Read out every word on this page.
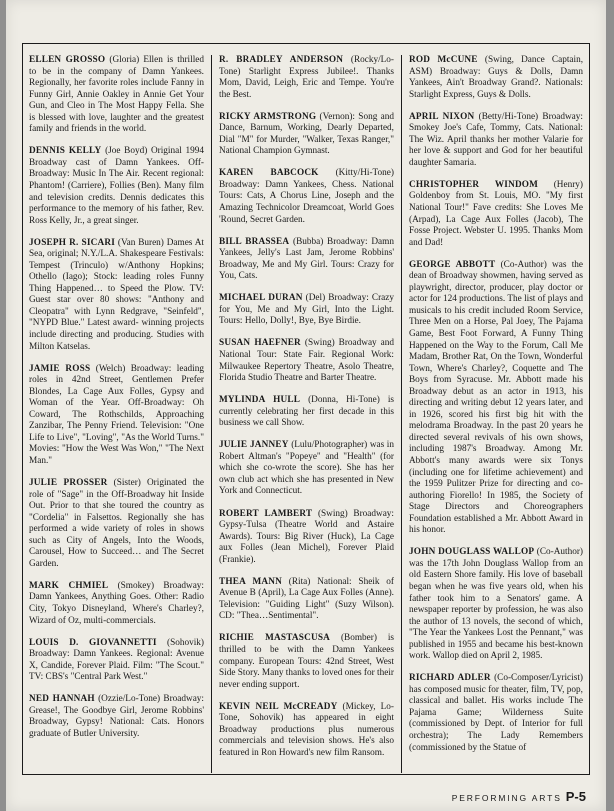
ELLEN GROSSO (Gloria) Ellen is thrilled to be in the company of Damn Yankees. Regionally, her favorite roles include Fanny in Funny Girl, Annie Oakley in Annie Get Your Gun, and Cleo in The Most Happy Fella. She is blessed with love, laughter and the greatest family and friends in the world.

DENNIS KELLY (Joe Boyd) Original 1994 Broadway cast of Damn Yankees. Off-Broadway: Music In The Air. Recent regional: Phantom! (Carriere), Follies (Ben). Many film and television credits. Dennis dedicates this performance to the memory of his father, Rev. Ross Kelly, Jr., a great singer.

JOSEPH R. SICARI (Van Buren) Dames At Sea, original; N.Y./L.A. Shakespeare Festivals: Tempest (Trinculo) w/Anthony Hopkins; Othello (Iago); Stock: leading roles Funny Thing Happened… to Speed the Plow. TV: Guest star over 80 shows: "Anthony and Cleopatra" with Lynn Redgrave, "Seinfeld", "NYPD Blue." Latest award- winning projects include directing and producing. Studies with Milton Katselas.

JAMIE ROSS (Welch) Broadway: leading roles in 42nd Street, Gentlemen Prefer Blondes, La Cage Aux Folles, Gypsy and Woman of the Year. Off-Broadway: Oh Coward, The Rothschilds, Approaching Zanzibar, The Penny Friend. Television: "One Life to Live", "Loving", "As the World Turns." Movies: "How the West Was Won," "The Next Man."

JULIE PROSSER (Sister) Originated the role of "Sage" in the Off-Broadway hit Inside Out. Prior to that she toured the country as "Cordelia" in Falsettos. Regionally she has performed a wide variety of roles in shows such as City of Angels, Into the Woods, Carousel, How to Succeed… and The Secret Garden.

MARK CHMIEL (Smokey) Broadway: Damn Yankees, Anything Goes. Other: Radio City, Tokyo Disneyland, Where's Charley?, Wizard of Oz, multi-commercials.

LOUIS D. GIOVANNETTI (Sohovik) Broadway: Damn Yankees. Regional: Avenue X, Candide, Forever Plaid. Film: "The Scout." TV: CBS's "Central Park West."

NED HANNAH (Ozzie/Lo-Tone) Broadway: Grease!, The Goodbye Girl, Jerome Robbins' Broadway, Gypsy! National: Cats. Honors graduate of Butler University.

R. BRADLEY ANDERSON (Rocky/Lo-Tone) Starlight Express Jubilee!. Thanks Mom, David, Leigh, Eric and Tempe. You're the Best.

RICKY ARMSTRONG (Vernon): Song and Dance, Barnum, Working, Dearly Departed, Dial "M" for Murder, "Walker, Texas Ranger," National Champion Gymnast.

KAREN BABCOCK (Kitty/Hi-Tone) Broadway: Damn Yankees, Chess. National Tours: Cats, A Chorus Line, Joseph and the Amazing Technicolor Dreamcoat, World Goes 'Round, Secret Garden.

BILL BRASSEA (Bubba) Broadway: Damn Yankees, Jelly's Last Jam, Jerome Robbins' Broadway, Me and My Girl. Tours: Crazy for You, Cats.

MICHAEL DURAN (Del) Broadway: Crazy for You, Me and My Girl, Into the Light. Tours: Hello, Dolly!, Bye, Bye Birdie.

SUSAN HAEFNER (Swing) Broadway and National Tour: State Fair. Regional Work: Milwaukee Repertory Theatre, Asolo Theatre, Florida Studio Theatre and Barter Theatre.

MYLINDA HULL (Donna, Hi-Tone) is currently celebrating her first decade in this business we call Show.

JULIE JANNEY (Lulu/Photographer) was in Robert Altman's "Popeye" and "Health" (for which she co-wrote the score). She has her own club act which she has presented in New York and Connecticut.

ROBERT LAMBERT (Swing) Broadway: Gypsy-Tulsa (Theatre World and Astaire Awards). Tours: Big River (Huck), La Cage aux Folles (Jean Michel), Forever Plaid (Frankie).

THEA MANN (Rita) National: Sheik of Avenue B (April), La Cage Aux Folles (Anne). Television: "Guiding Light" (Suzy Wilson). CD: "Thea…Sentimental".

RICHIE MASTASCUSA (Bomber) is thrilled to be with the Damn Yankees company. European Tours: 42nd Street, West Side Story. Many thanks to loved ones for their never ending support.

KEVIN NEIL McCREADY (Mickey, Lo-Tone, Sohovik) has appeared in eight Broadway productions plus numerous commercials and television shows. He's also featured in Ron Howard's new film Ransom.

ROD McCUNE (Swing, Dance Captain, ASM) Broadway: Guys & Dolls, Damn Yankees, Ain't Broadway Grand?. Nationals: Starlight Express, Guys & Dolls.

APRIL NIXON (Betty/Hi-Tone) Broadway: Smokey Joe's Cafe, Tommy, Cats. National: The Wiz. April thanks her mother Valarie for her love & support and God for her beautiful daughter Samaria.

CHRISTOPHER WINDOM (Henry) Goldenboy from St. Louis, MO. "My first National Tour!" Fave credits: She Loves Me (Arpad), La Cage Aux Folles (Jacob), The Fosse Project. Webster U. 1995. Thanks Mom and Dad!

GEORGE ABBOTT (Co-Author) was the dean of Broadway showmen, having served as playwright, director, producer, play doctor or actor for 124 productions. The list of plays and musicals to his credit included Room Service, Three Men on a Horse, Pal Joey, The Pajama Game, Best Foot Forward, A Funny Thing Happened on the Way to the Forum, Call Me Madam, Brother Rat, On the Town, Wonderful Town, Where's Charley?, Coquette and The Boys from Syracuse. Mr. Abbott made his Broadway debut as an actor in 1913, his directing and writing debut 12 years later, and in 1926, scored his first big hit with the melodrama Broadway. In the past 20 years he directed several revivals of his own shows, including 1987's Broadway. Among Mr. Abbott's many awards were six Tonys (including one for lifetime achievement) and the 1959 Pulitzer Prize for directing and co-authoring Fiorello! In 1985, the Society of Stage Directors and Choreographers Foundation established a Mr. Abbott Award in his honor.

JOHN DOUGLASS WALLOP (Co-Author) was the 17th John Douglass Wallop from an old Eastern Shore family. His love of baseball began when he was five years old, when his father took him to a Senators' game. A newspaper reporter by profession, he was also the author of 13 novels, the second of which, "The Year the Yankees Lost the Pennant," was published in 1955 and became his best-known work. Wallop died on April 2, 1985.

RICHARD ADLER (Co-Composer/Lyricist) has composed music for theater, film, TV, pop, classical and ballet. His works include The Pajama Game; Wilderness Suite (commissioned by Dept. of Interior for full orchestra); The Lady Remembers (commissioned by the Statue of

PERFORMING ARTS P-5
